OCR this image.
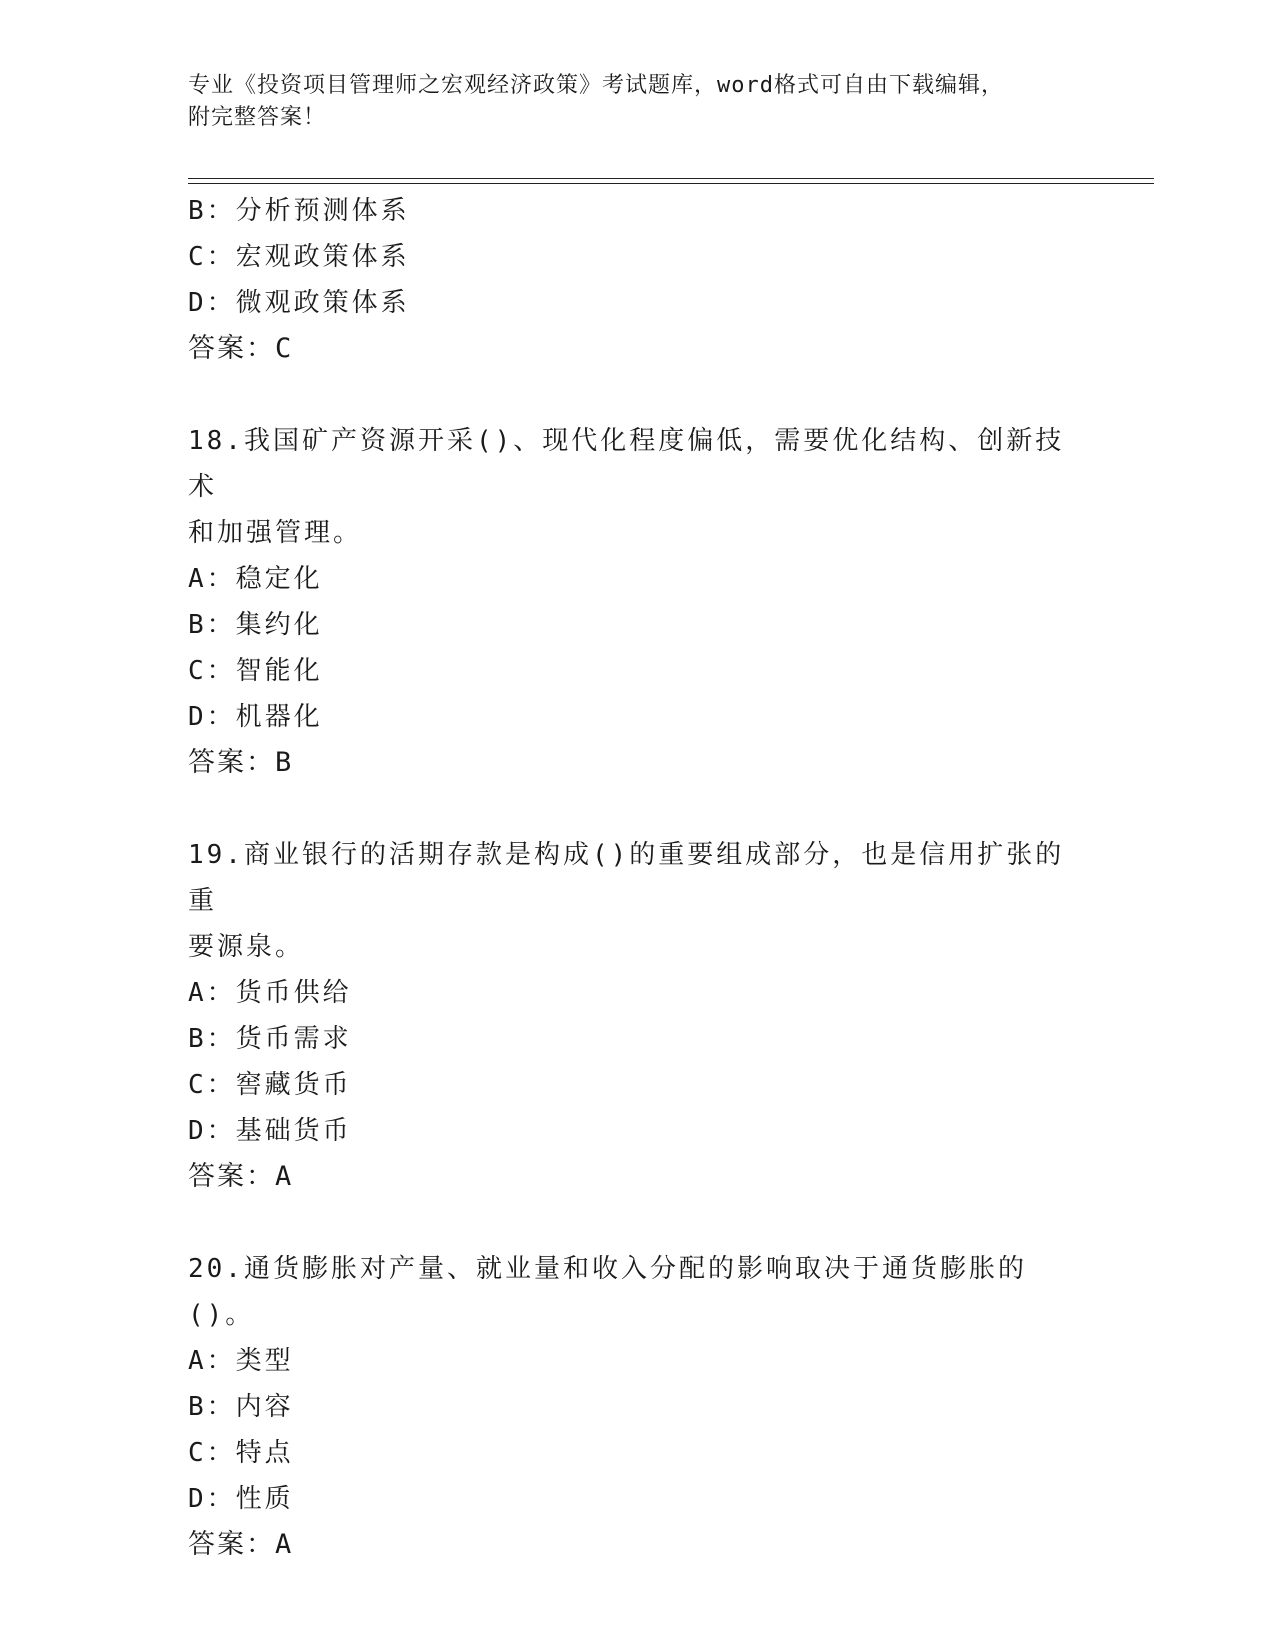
专业《投资项目管理师之宏观经济政策》考试题库，word格式可自由下载编辑，
附完整答案！
B：分析预测体系
C：宏观政策体系
D：微观政策体系
答案：C
18.我国矿产资源开采()、现代化程度偏低，需要优化结构、创新技术
和加强管理。
A：稳定化
B：集约化
C：智能化
D：机器化
答案：B
19.商业银行的活期存款是构成()的重要组成部分，也是信用扩张的重
要源泉。
A：货币供给
B：货币需求
C：窖藏货币
D：基础货币
答案：A
20.通货膨胀对产量、就业量和收入分配的影响取决于通货膨胀的()。
A：类型
B：内容
C：特点
D：性质
答案：A
